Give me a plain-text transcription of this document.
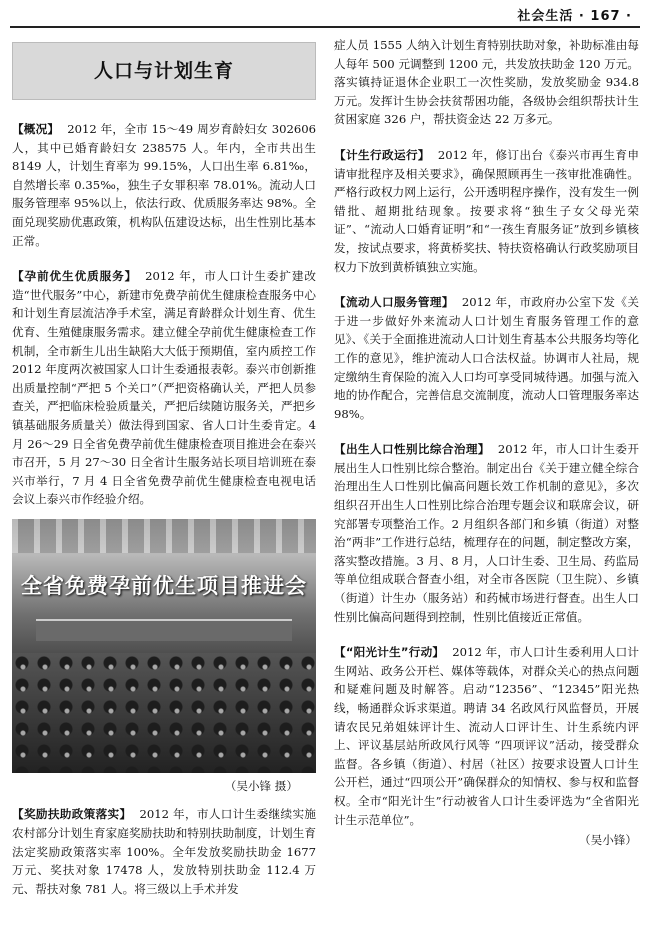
社会生活 · 167 ·
人口与计划生育

【概况】 2012 年，全市 15～49 周岁育龄妇女 302606 人，其中已婚育龄妇女 238575 人。年内，全市共出生 8149 人，计划生育率为 99.15%，人口出生率 6.81‰，自然增长率 0.35‰，独生子女罪积率 78.01%。流动人口服务管理率 95%以上，依法行政、优质服务率达 98%。全面兑现奖励优惠政策，机构队伍建设达标，出生性别比基本正常。

【孕前优生优质服务】 2012 年，市人口计生委扩建改造“世代服务”中心，新建市免费孕前优生健康检查服务中心和计划生育层流洁净手术室，满足育龄群众计划生育、优生优育、生殖健康服务需求。建立健全孕前优生健康检查工作机制，全市新生儿出生缺陷大大低于预期值，室内质控工作 2012 年度两次被国家人口计生委通报表彰。泰兴市创新推出质量控制“严把 5 个关口”（严把资格确认关，严把人员参查关，严把临床检验质量关，严把后续随访服务关，严把乡镇基础服务质量关）做法得到国家、省人口计生委肯定。4 月 26～29 日全省免费孕前优生健康检查项目推进会在泰兴市召开，5 月 27～30 日全省计生服务站长项目培训班在泰兴市举行，7 月 4 日全省免费孕前优生健康检查电视电话会议上泰兴市作经验介绍。

全省免费孕前优生项目推进会
（吴小锋 摄）

【奖励扶助政策落实】 2012 年，市人口计生委继续实施农村部分计划生育家庭奖励扶助和特别扶助制度，计划生育法定奖励政策落实率 100%。全年发放奖励扶助金 1677 万元、奖扶对象 17478 人，发放特别扶助金 112.4 万元、帮扶对象 781 人。将三级以上手术并发

症人员 1555 人纳入计划生育特别扶助对象，补助标准由每人每年 500 元调整到 1200 元，共发放扶助金 120 万元。落实镇持证退休企业职工一次性奖励，发放奖励金 934.8 万元。发挥计生协会扶贫帮困功能，各级协会组织帮扶计生贫困家庭 326 户，帮扶资金达 22 万多元。

【计生行政运行】 2012 年，修订出台《泰兴市再生育申请审批程序及相关要求》，确保照顾再生一孩审批准确性。严格行政权力网上运行，公开透明程序操作，没有发生一例错批、超期批结现象。按要求将“独生子女父母光荣证”、“流动人口婚育证明”和“一孩生育服务证”放到乡镇核发，按试点要求，将黄桥奖扶、特扶资格确认行政奖励项目权力下放到黄桥镇独立实施。

【流动人口服务管理】 2012 年，市政府办公室下发《关于进一步做好外来流动人口计划生育服务管理工作的意见》、《关于全面推进流动人口计划生育基本公共服务均等化工作的意见》，维护流动人口合法权益。协调市人社局，规定缴纳生育保险的流入人口均可享受同城待遇。加强与流入地的协作配合，完善信息交流制度，流动人口管理服务率达 98%。

【出生人口性别比综合治理】 2012 年，市人口计生委开展出生人口性别比综合整治。制定出台《关于建立健全综合治理出生人口性别比偏高问题长效工作机制的意见》，多次组织召开出生人口性别比综合治理专题会议和联席会议，研究部署专项整治工作。2 月组织各部门和乡镇（街道）对整治“两非”工作进行总结，梳理存在的问题，制定整改方案，落实整改措施。3 月、8 月，人口计生委、卫生局、药监局等单位组成联合督查小组，对全市各医院（卫生院）、乡镇（街道）计生办（服务站）和药械市场进行督查。出生人口性别比偏高问题得到控制，性别比值接近正常值。

【“阳光计生”行动】 2012 年，市人口计生委利用人口计生网站、政务公开栏、媒体等载体，对群众关心的热点问题和疑难问题及时解答。启动“12356”、“12345”阳光热线，畅通群众诉求渠道。聘请 34 名政风行风监督员，开展请农民兄弟姐妹评计生、流动人口评计生、计生系统内评上、评议基层站所政风行风等 “四项评议”活动，接受群众监督。各乡镇（街道）、村居（社区）按要求设置人口计生公开栏，通过“四项公开”确保群众的知情权、参与权和监督权。全市“阳光计生”行动被省人口计生委评选为“全省阳光计生示范单位”。

（吴小锋）
